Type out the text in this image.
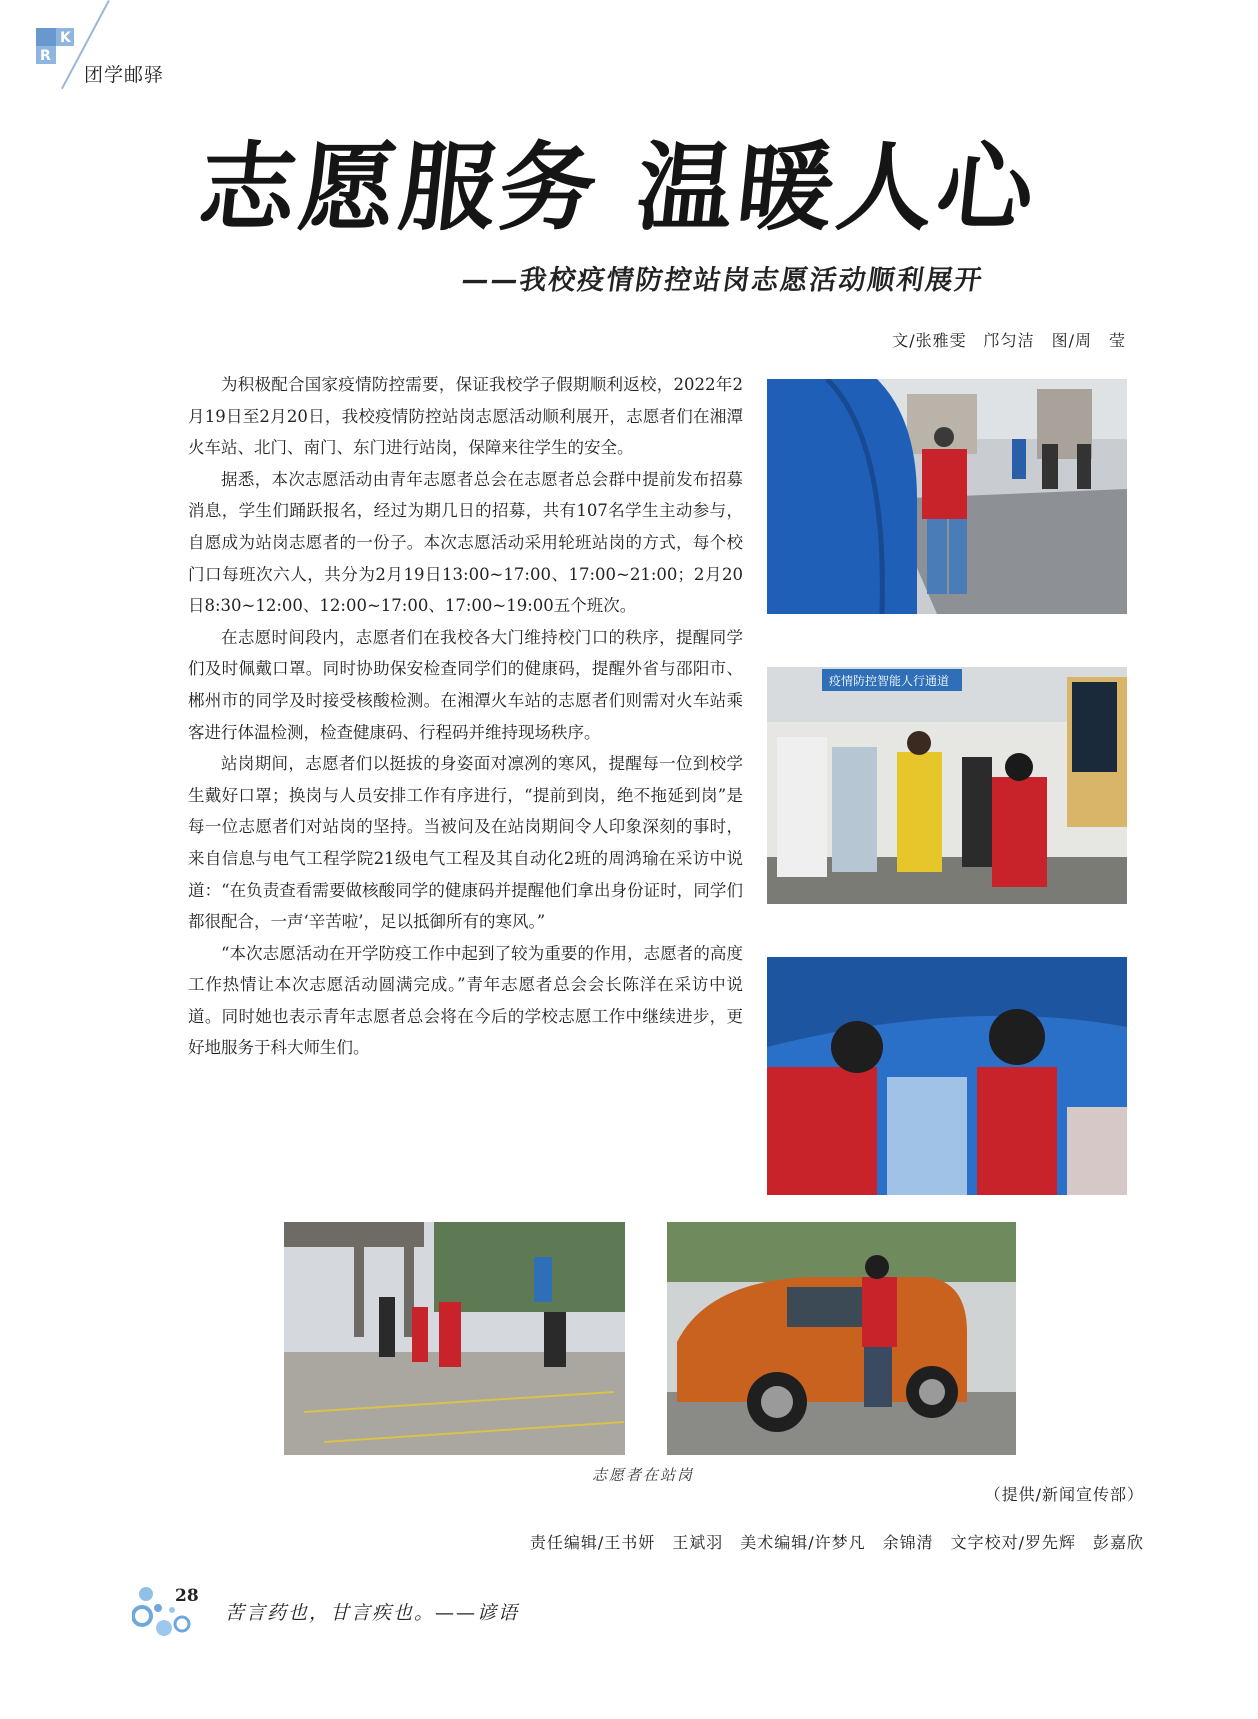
K
R
团学邮驿
志愿服务 温暖人心
——我校疫情防控站岗志愿活动顺利展开
文/张雅雯　邝匀洁　图/周　莹

为积极配合国家疫情防控需要，保证我校学子假期顺利返校，2022年2月19日至2月20日，我校疫情防控站岗志愿活动顺利展开，志愿者们在湘潭火车站、北门、南门、东门进行站岗，保障来往学生的安全。

据悉，本次志愿活动由青年志愿者总会在志愿者总会群中提前发布招募消息，学生们踊跃报名，经过为期几日的招募，共有107名学生主动参与，自愿成为站岗志愿者的一份子。本次志愿活动采用轮班站岗的方式，每个校门口每班次六人，共分为2月19日13:00~17:00、17:00~21:00；2月20日8:30~12:00、12:00~17:00、17:00~19:00五个班次。

在志愿时间段内，志愿者们在我校各大门维持校门口的秩序，提醒同学们及时佩戴口罩。同时协助保安检查同学们的健康码，提醒外省与邵阳市、郴州市的同学及时接受核酸检测。在湘潭火车站的志愿者们则需对火车站乘客进行体温检测，检查健康码、行程码并维持现场秩序。

站岗期间，志愿者们以挺拔的身姿面对凛冽的寒风，提醒每一位到校学生戴好口罩；换岗与人员安排工作有序进行，“提前到岗，绝不拖延到岗”是每一位志愿者们对站岗的坚持。当被问及在站岗期间令人印象深刻的事时，来自信息与电气工程学院21级电气工程及其自动化2班的周鸿瑜在采访中说道：“在负责查看需要做核酸同学的健康码并提醒他们拿出身份证时，同学们都很配合，一声‘辛苦啦’，足以抵御所有的寒风。”

“本次志愿活动在开学防疫工作中起到了较为重要的作用，志愿者的高度工作热情让本次志愿活动圆满完成。”青年志愿者总会会长陈洋在采访中说道。同时她也表示青年志愿者总会将在今后的学校志愿工作中继续进步，更好地服务于科大师生们。

疫情防控智能人行通道
志愿者在站岗
（提供/新闻宣传部）
责任编辑/王书妍　王斌羽　美术编辑/许梦凡　余锦清　文字校对/罗先辉　彭嘉欣
28
苦言药也，甘言疾也。——谚语
